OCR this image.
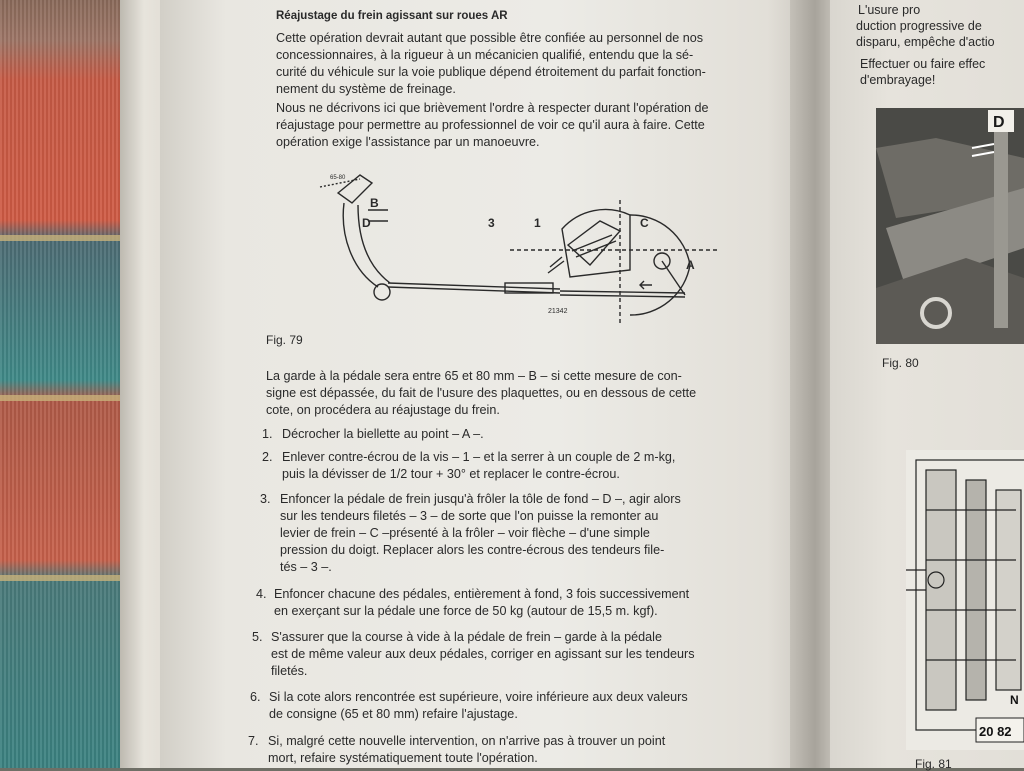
Réajustage du frein agissant sur roues AR
Cette opération devrait autant que possible être confiée au personnel de nos
concessionnaires, à la rigueur à un mécanicien qualifié, entendu que la sé-
curité du véhicule sur la voie publique dépend étroitement du parfait fonction-
nement du système de freinage.
Nous ne décrivons ici que brièvement l'ordre à respecter durant l'opération de
réajustage pour permettre au professionnel de voir ce qu'il aura à faire. Cette
opération exige l'assistance par un manoeuvre.
B
D	3	1	C
A
65-80
21342
Fig. 79
La garde à la pédale sera entre 65 et 80 mm – B – si cette mesure de con-
signe est dépassée, du fait de l'usure des plaquettes, ou en dessous de cette
cote, on procédera au réajustage du frein.
1. Décrocher la biellette au point – A –.
2. Enlever contre-écrou de la vis – 1 – et la serrer à un couple de 2 m-kg,
puis la dévisser de 1/2 tour + 30° et replacer le contre-écrou.
3. Enfoncer la pédale de frein jusqu'à frôler la tôle de fond – D –, agir alors
sur les tendeurs filetés – 3 – de sorte que l'on puisse la remonter au
levier de frein – C –présenté à la frôler – voir flèche – d'une simple
pression du doigt. Replacer alors les contre-écrous des tendeurs file-
tés – 3 –.
4. Enfoncer chacune des pédales, entièrement à fond, 3 fois successivement
en exerçant sur la pédale une force de 50 kg (autour de 15,5 m. kgf).
5. S'assurer que la course à vide à la pédale de frein – garde à la pédale
est de même valeur aux deux pédales, corriger en agissant sur les tendeurs
filetés.
6. Si la cote alors rencontrée est supérieure, voire inférieure aux deux valeurs
de consigne (65 et 80 mm) refaire l'ajustage.
7. Si, malgré cette nouvelle intervention, on n'arrive pas à trouver un point
mort, refaire systématiquement toute l'opération.
L'usure pro
duction progressive de
disparu, empêche d'actio
Effectuer ou faire effec
d'embrayage!
D
Fig. 80
20 82
N
Fig. 81
